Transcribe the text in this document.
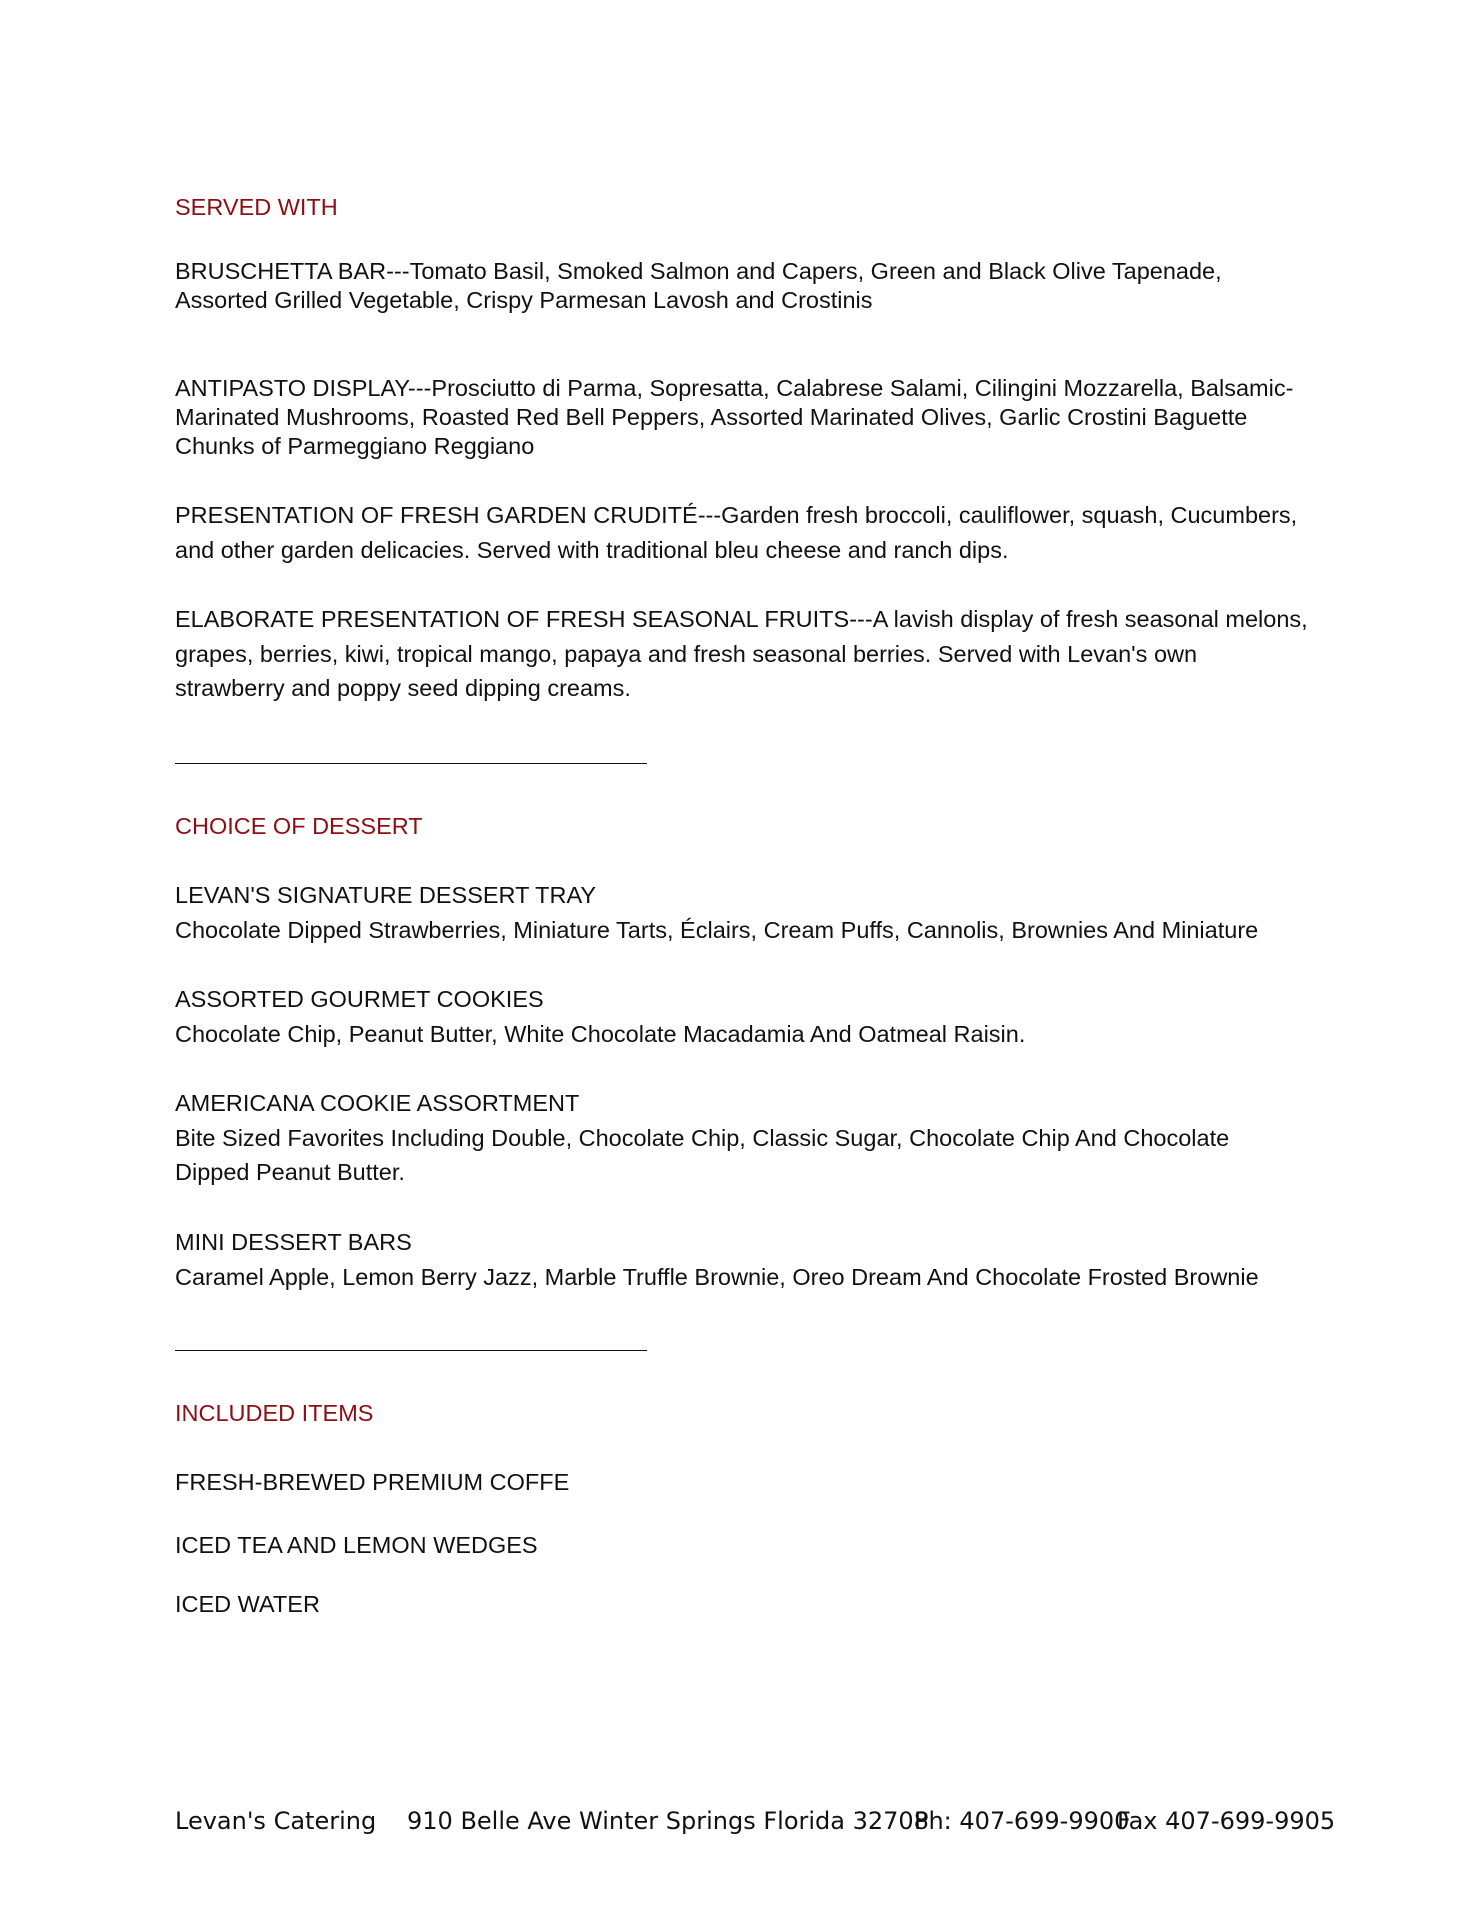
SERVED WITH
BRUSCHETTA BAR---Tomato Basil, Smoked Salmon and Capers, Green and Black Olive Tapenade,
Assorted Grilled Vegetable, Crispy Parmesan Lavosh and Crostinis
ANTIPASTO DISPLAY---Prosciutto di Parma, Sopresatta, Calabrese Salami, Cilingini Mozzarella, Balsamic-
Marinated Mushrooms, Roasted Red Bell Peppers, Assorted Marinated Olives, Garlic Crostini Baguette
Chunks of Parmeggiano Reggiano
PRESENTATION OF FRESH GARDEN CRUDITÉ---Garden fresh broccoli, cauliflower, squash, Cucumbers,
and other garden delicacies. Served with traditional bleu cheese and ranch dips.
ELABORATE PRESENTATION OF FRESH SEASONAL FRUITS---A lavish display of fresh seasonal melons,
grapes, berries, kiwi, tropical mango, papaya and fresh seasonal berries. Served with Levan's own
strawberry and poppy seed dipping creams.
CHOICE OF DESSERT
LEVAN'S SIGNATURE DESSERT TRAY
Chocolate Dipped Strawberries, Miniature Tarts, Éclairs, Cream Puffs, Cannolis, Brownies And Miniature
ASSORTED GOURMET COOKIES
Chocolate Chip, Peanut Butter, White Chocolate Macadamia And Oatmeal Raisin.
AMERICANA COOKIE ASSORTMENT
Bite Sized Favorites Including Double, Chocolate Chip, Classic Sugar, Chocolate Chip And Chocolate
Dipped Peanut Butter.
MINI DESSERT BARS
Caramel Apple, Lemon Berry Jazz, Marble Truffle Brownie, Oreo Dream And Chocolate Frosted Brownie
INCLUDED ITEMS
FRESH-BREWED PREMIUM COFFE
ICED TEA AND LEMON WEDGES
ICED WATER
Levan's Catering 910 Belle Ave Winter Springs Florida 32708
Ph: 407-699-9900
Fax 407-699-9905
